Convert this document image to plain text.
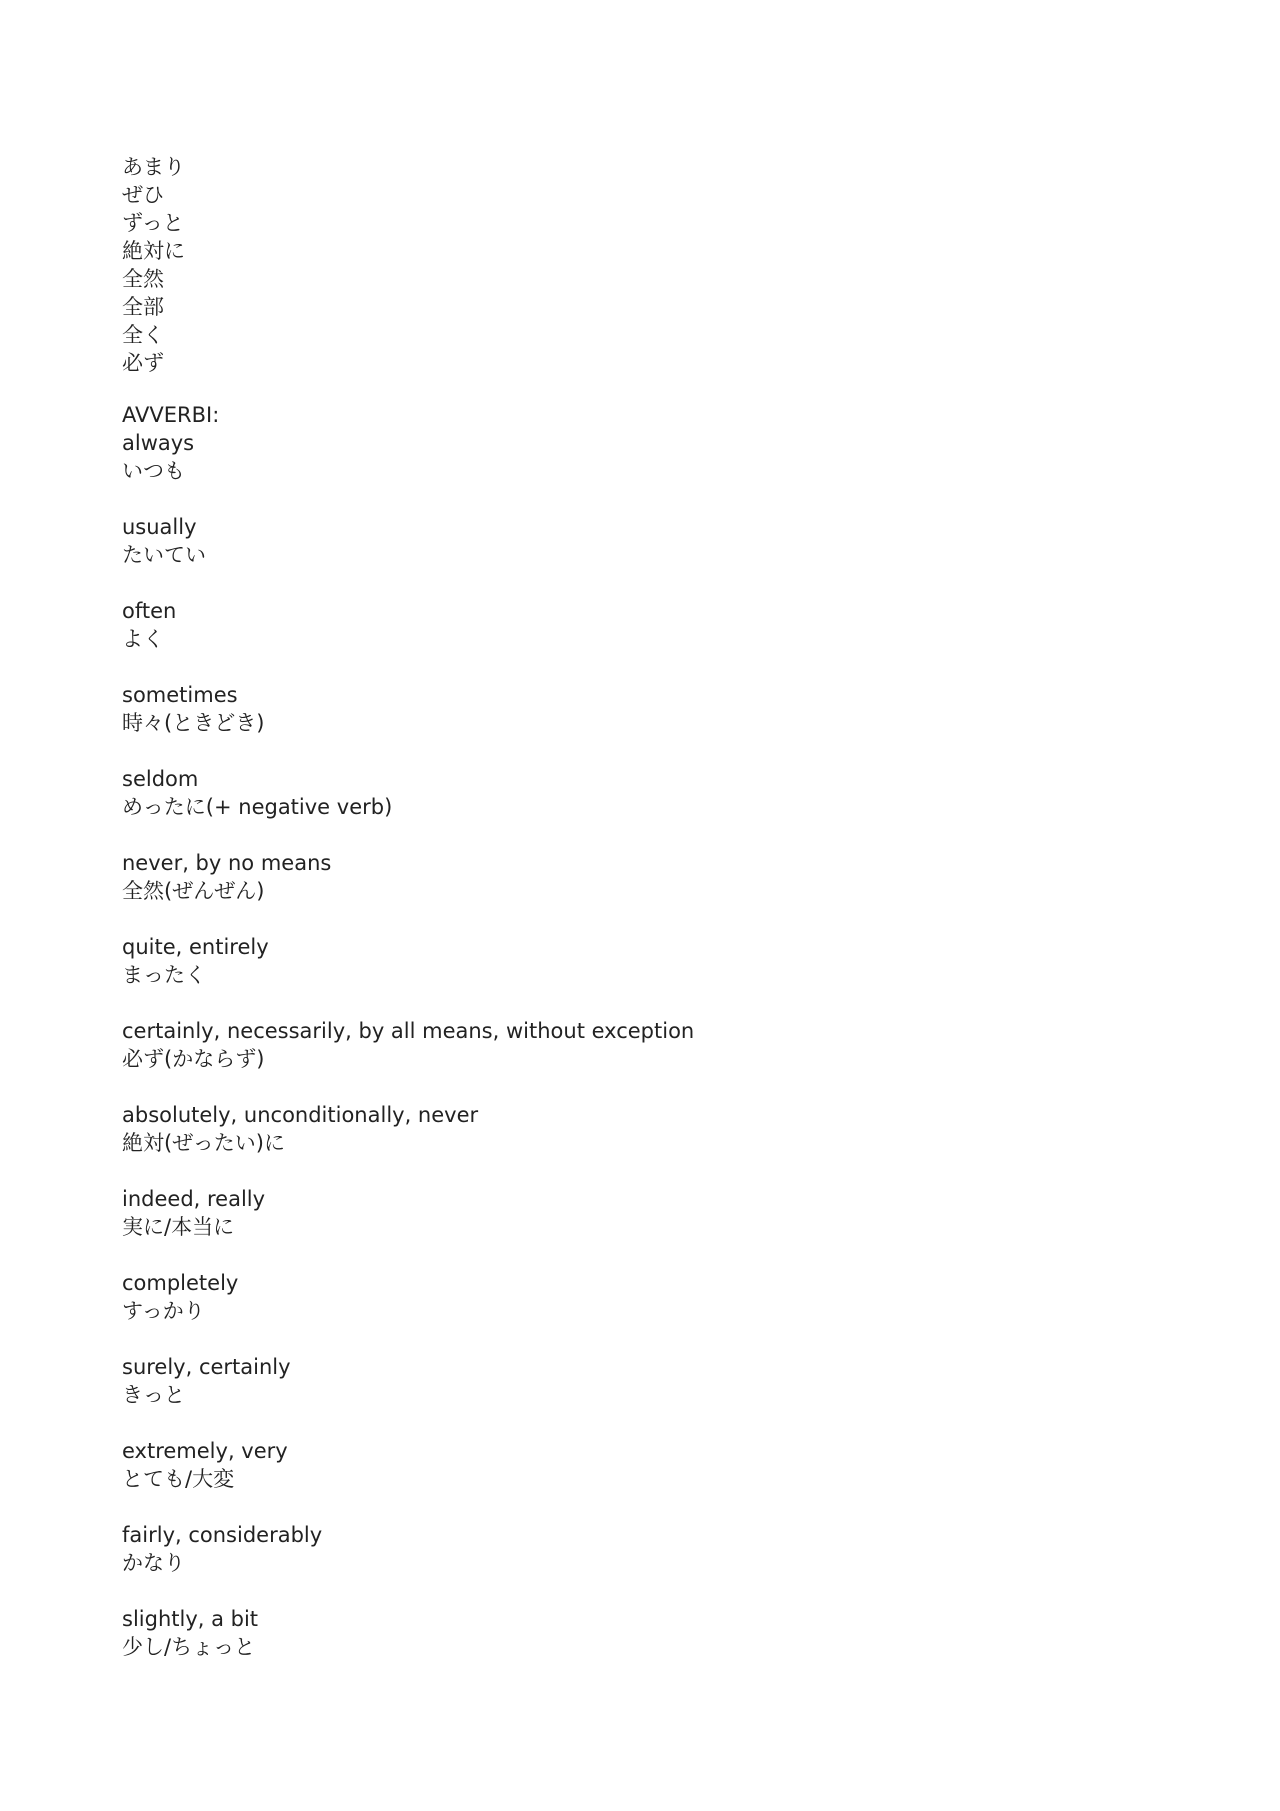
あまり
ぜひ
ずっと
絶対に
全然
全部
全く
必ず
AVVERBI:
always
いつも
usually
たいてい
often
よく
sometimes
時々(ときどき)
seldom
めったに(+ negative verb)
never, by no means
全然(ぜんぜん)
quite, entirely
まったく
certainly, necessarily, by all means, without exception
必ず(かならず)
absolutely, unconditionally, never
絶対(ぜったい)に
indeed, really
実に/本当に
completely
すっかり
surely, certainly
きっと
extremely, very
とても/大変
fairly, considerably
かなり
slightly, a bit
少し/ちょっと
